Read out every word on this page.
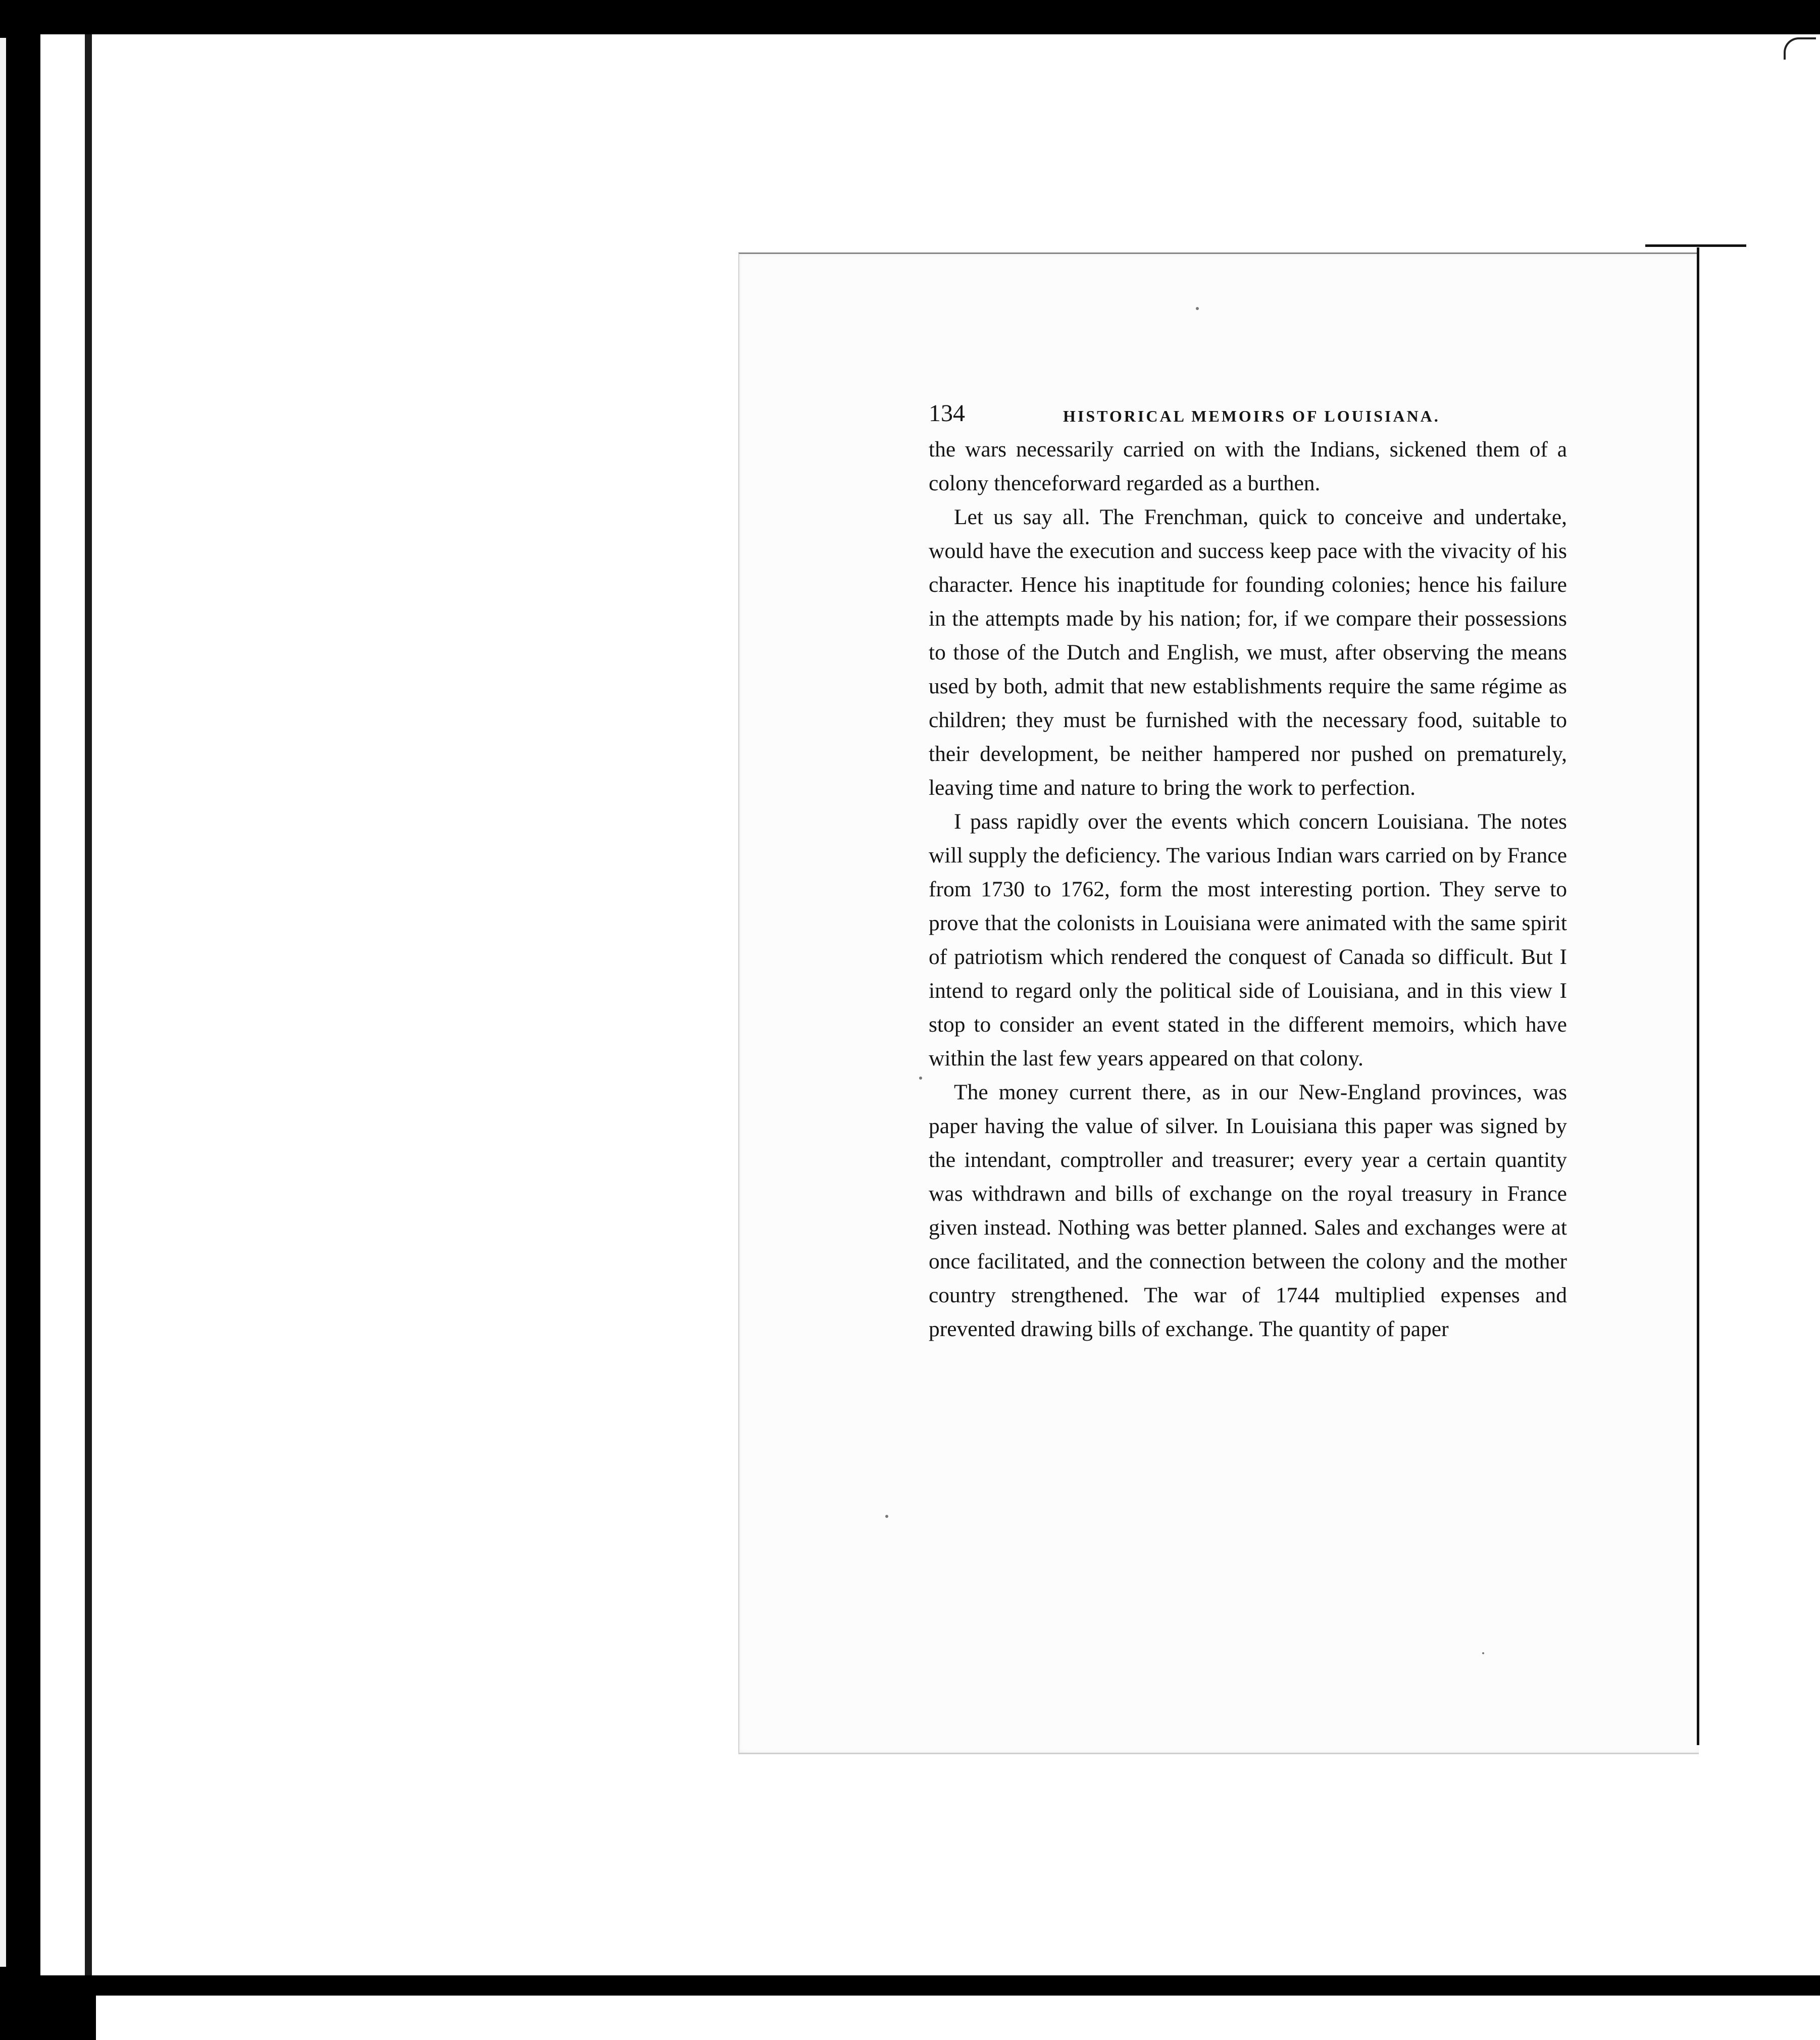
134	HISTORICAL MEMOIRS OF LOUISIANA.

the wars necessarily carried on with the Indians, sickened them of a colony thenceforward regarded as a burthen.

Let us say all. The Frenchman, quick to conceive and undertake, would have the execution and success keep pace with the vivacity of his character. Hence his inaptitude for founding colonies; hence his failure in the attempts made by his nation; for, if we compare their possessions to those of the Dutch and English, we must, after observing the means used by both, admit that new establishments require the same régime as children; they must be furnished with the necessary food, suitable to their development, be neither hampered nor pushed on prematurely, leaving time and nature to bring the work to perfection.

I pass rapidly over the events which concern Louisiana. The notes will supply the deficiency. The various Indian wars carried on by France from 1730 to 1762, form the most interesting portion. They serve to prove that the colonists in Louisiana were animated with the same spirit of patriotism which rendered the conquest of Canada so difficult. But I intend to regard only the political side of Louisiana, and in this view I stop to consider an event stated in the different memoirs, which have within the last few years appeared on that colony.

The money current there, as in our New-England provinces, was paper having the value of silver. In Louisiana this paper was signed by the intendant, comptroller and treasurer; every year a certain quantity was withdrawn and bills of exchange on the royal treasury in France given instead. Nothing was better planned. Sales and exchanges were at once facilitated, and the connection between the colony and the mother country strengthened. The war of 1744 multiplied expenses and prevented drawing bills of exchange. The quantity of paper
